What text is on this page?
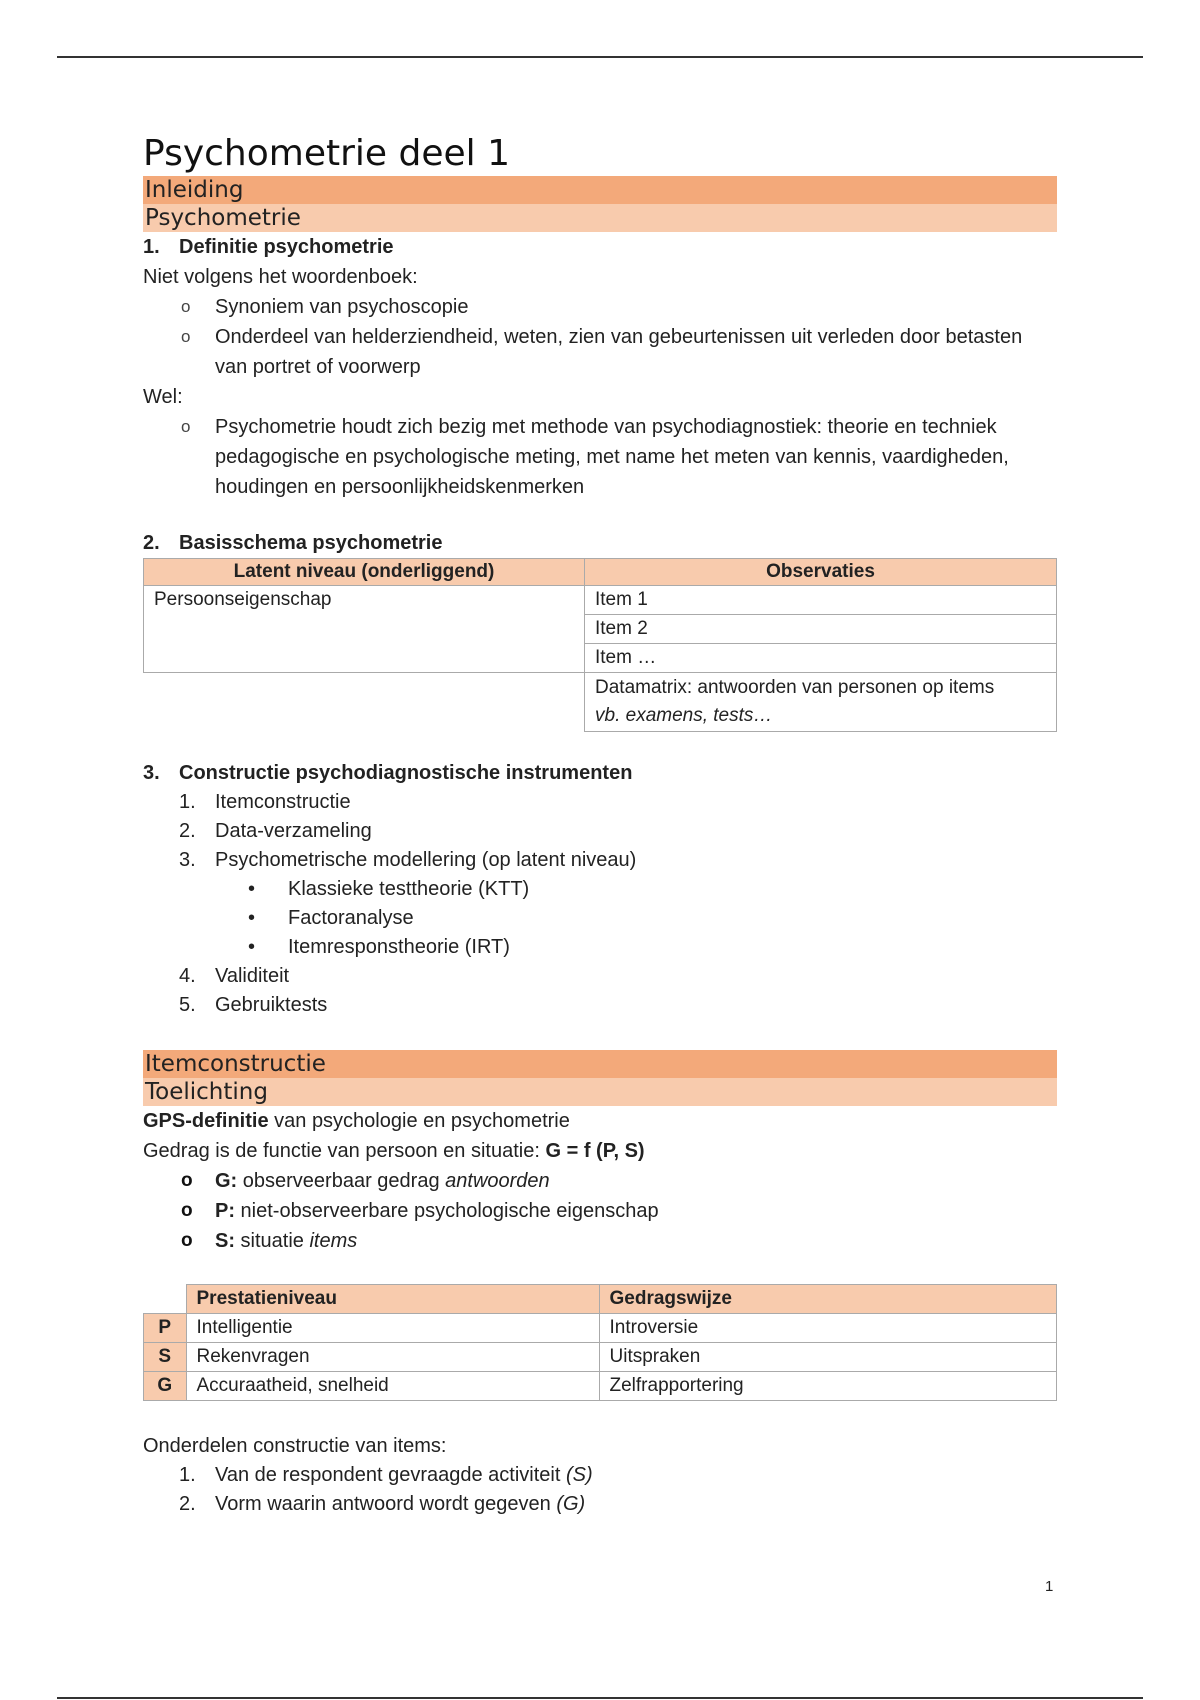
Psychometrie deel 1
Inleiding
Psychometrie
1. Definitie psychometrie
Niet volgens het woordenboek:
o Synoniem van psychoscopie
o Onderdeel van helderziendheid, weten, zien van gebeurtenissen uit verleden door betasten van portret of voorwerp
Wel:
o Psychometrie houdt zich bezig met methode van psychodiagnostiek: theorie en techniek pedagogische en psychologische meting, met name het meten van kennis, vaardigheden, houdingen en persoonlijkheidskenmerken
2. Basisschema psychometrie
Latent niveau (onderliggend)	Observaties
Persoonseigenschap	Item 1
	Item 2
	Item …

	Datamatrix: antwoorden van personen op items
vb. examens, tests…
3. Constructie psychodiagnostische instrumenten
1. Itemconstructie
2. Data-verzameling
3. Psychometrische modellering (op latent niveau)
• Klassieke testtheorie (KTT)
• Factoranalyse
• Itemresponstheorie (IRT)
4. Validiteit
5. Gebruiktests
Itemconstructie
Toelichting
GPS-definitie van psychologie en psychometrie
Gedrag is de functie van persoon en situatie: G = f (P, S)
o G: observeerbaar gedrag antwoorden
o P: niet-observeerbare psychologische eigenschap
o S: situatie items
	Prestatieniveau	Gedragswijze
P	Intelligentie	Introversie
S	Rekenvragen	Uitspraken
G	Accuraatheid, snelheid	Zelfrapportering
Onderdelen constructie van items:
1. Van de respondent gevraagde activiteit (S)
2. Vorm waarin antwoord wordt gegeven (G)
1
